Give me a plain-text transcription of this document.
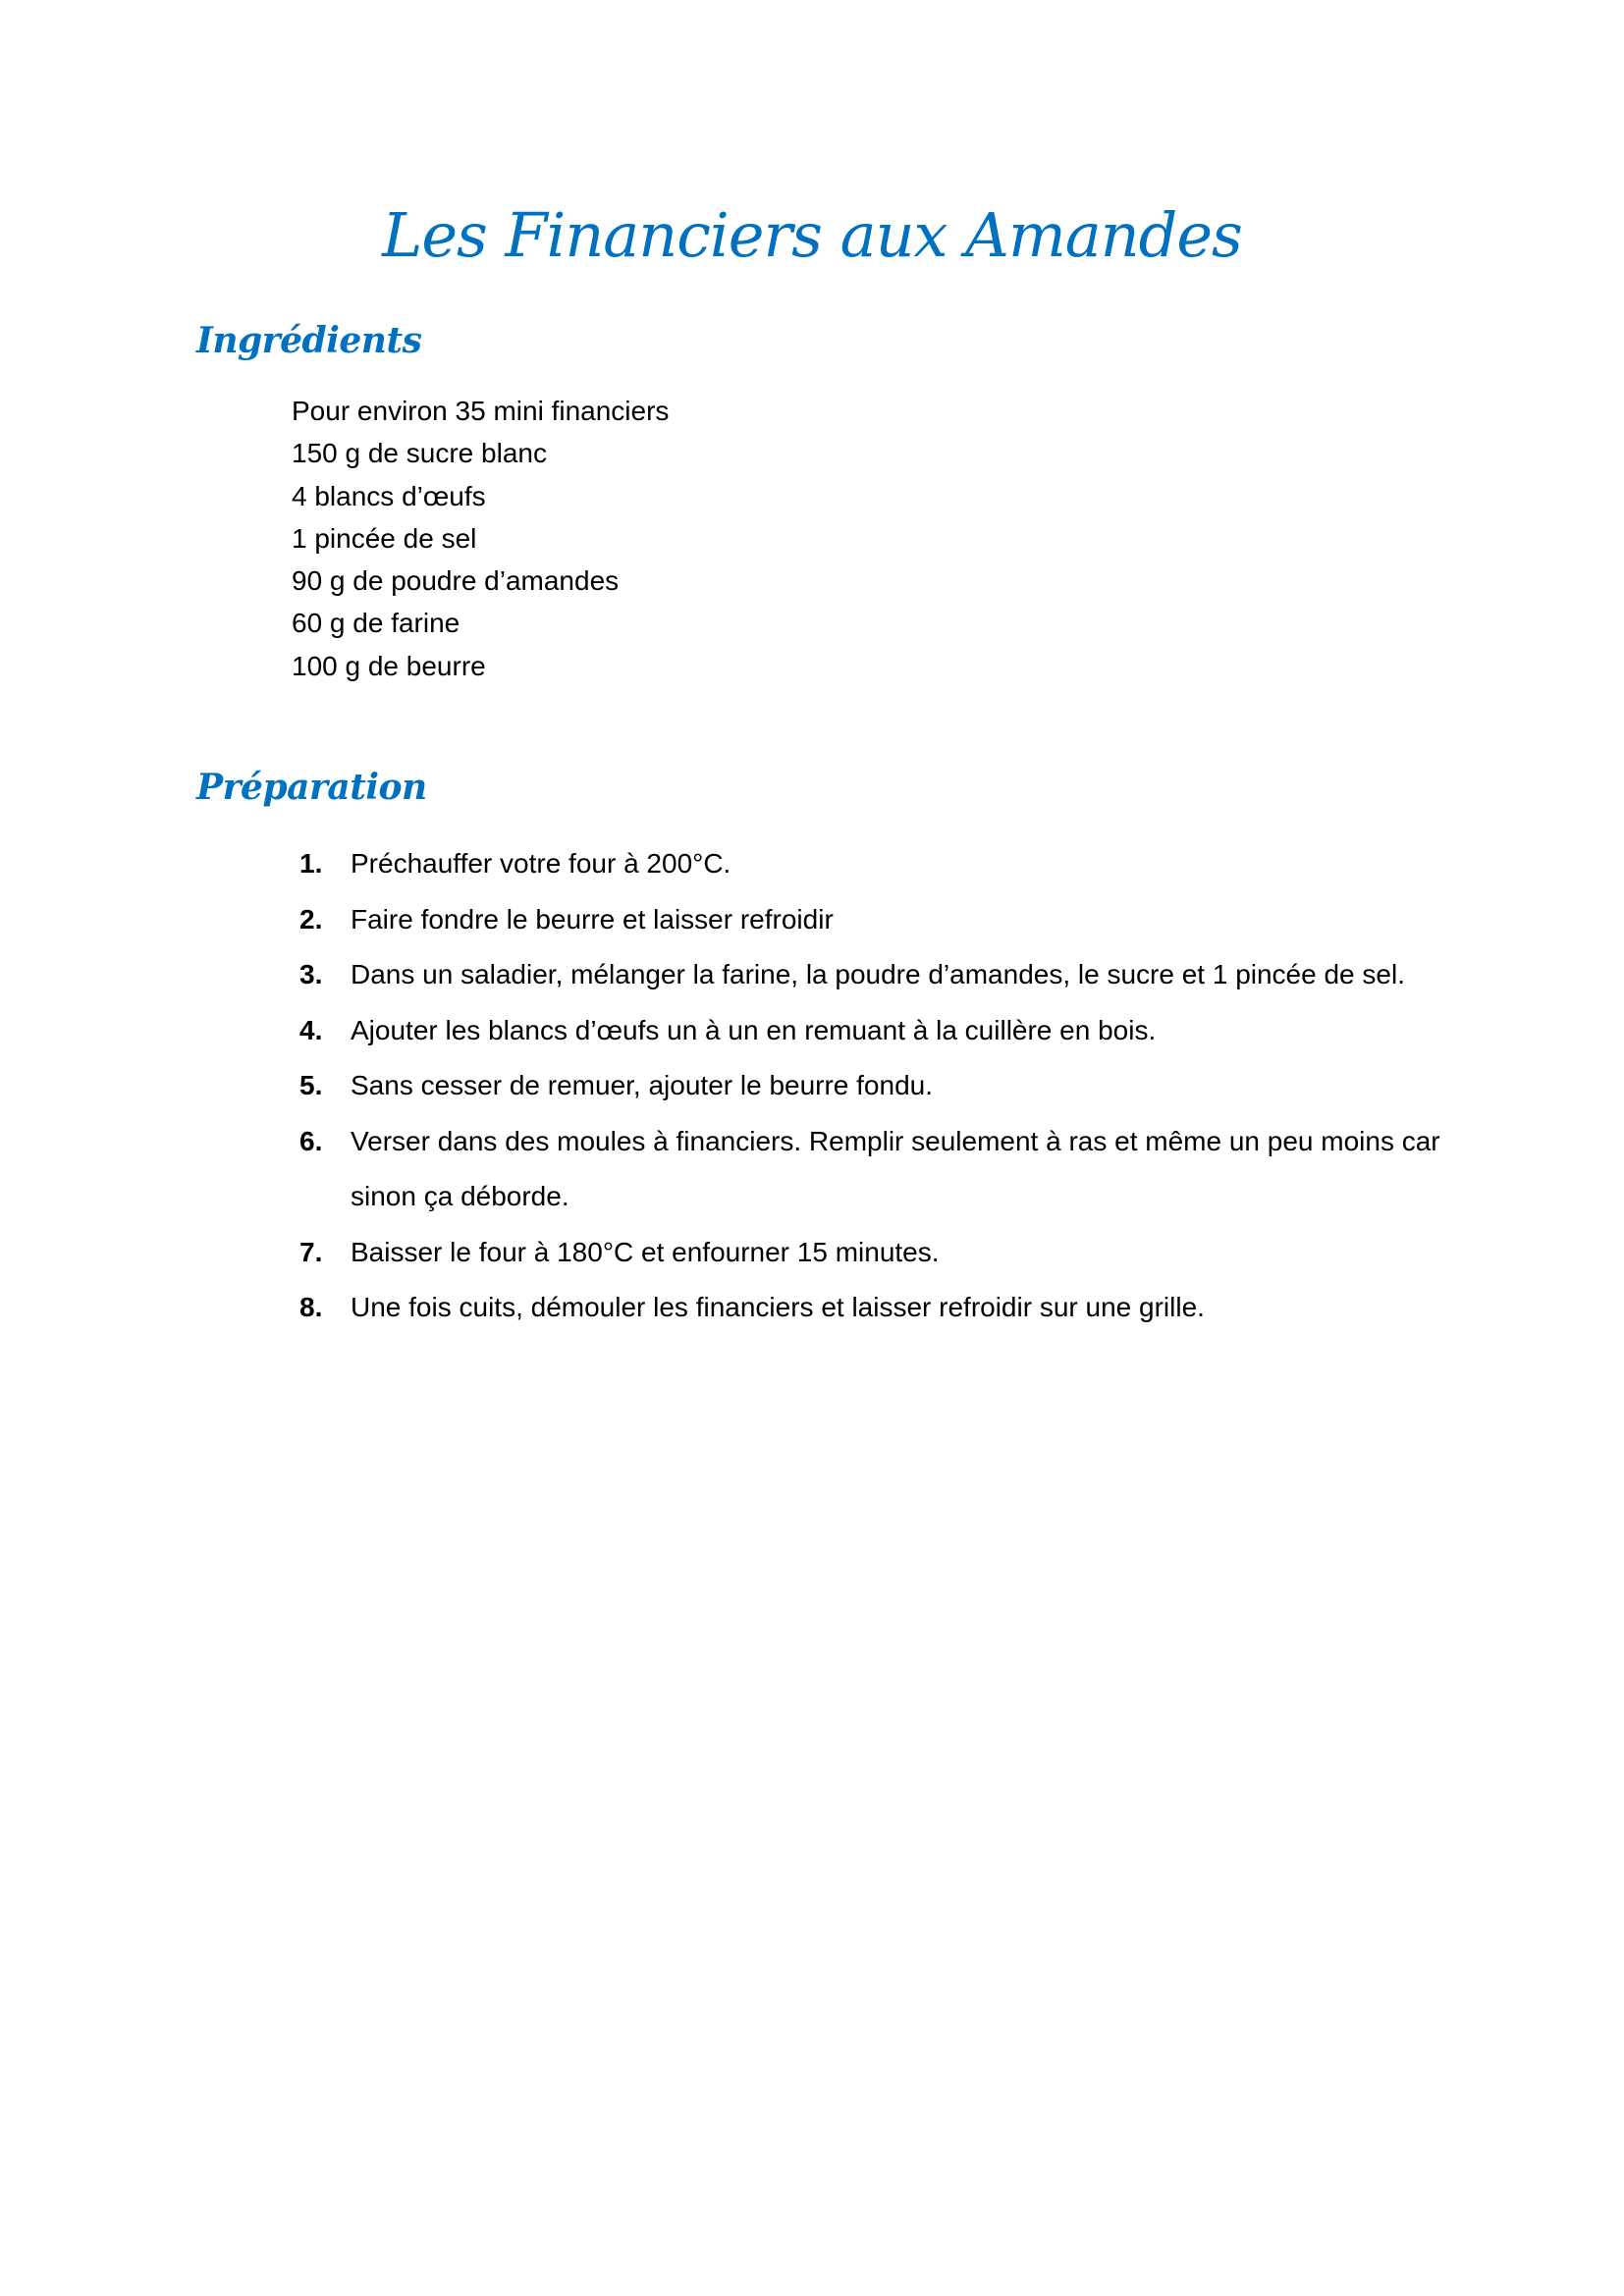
Les Financiers aux Amandes
Ingrédients
Pour environ 35 mini financiers
150 g de sucre blanc
4 blancs d’œufs
1 pincée de sel
90 g de poudre d’amandes
60 g de farine
100 g de beurre
Préparation
1. Préchauffer votre four à 200°C.
2. Faire fondre le beurre et laisser refroidir
3. Dans un saladier, mélanger la farine, la poudre d’amandes, le sucre et 1 pincée de sel.
4. Ajouter les blancs d’œufs un à un en remuant à la cuillère en bois.
5. Sans cesser de remuer, ajouter le beurre fondu.
6. Verser dans des moules à financiers. Remplir seulement à ras et même un peu moins car sinon ça déborde.
7. Baisser le four à 180°C et enfourner 15 minutes.
8. Une fois cuits, démouler les financiers et laisser refroidir sur une grille.
